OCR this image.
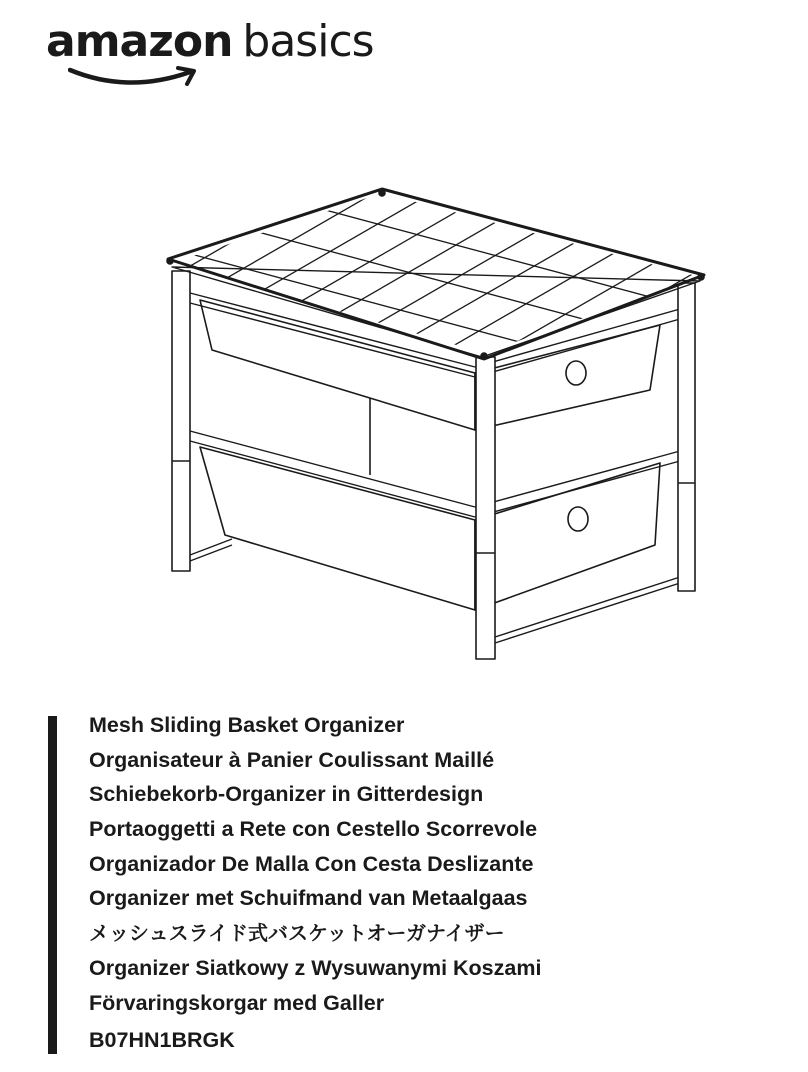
amazon basics
Mesh Sliding Basket Organizer
Organisateur à Panier Coulissant Maillé
Schiebekorb-Organizer in Gitterdesign
Portaoggetti a Rete con Cestello Scorrevole
Organizador De Malla Con Cesta Deslizante
Organizer met Schuifmand van Metaalgaas
メッシュスライド式バスケットオーガナイザー
Organizer Siatkowy z Wysuwanymi Koszami
Förvaringskorgar med Galler
B07HN1BRGK
